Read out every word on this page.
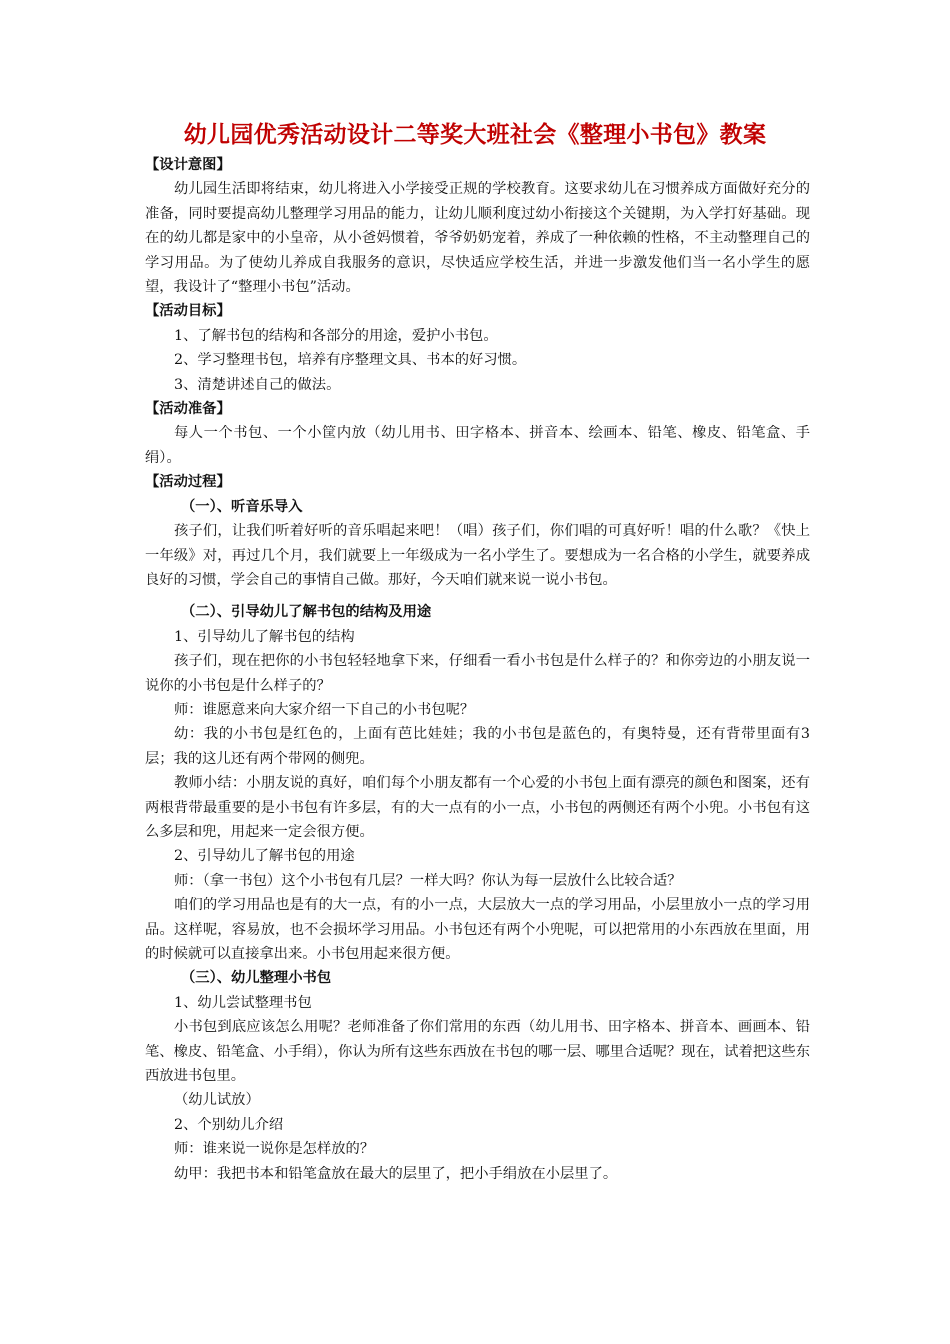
幼儿园优秀活动设计二等奖大班社会《整理小书包》教案
【设计意图】
幼儿园生活即将结束，幼儿将进入小学接受正规的学校教育。这要求幼儿在习惯养成方面做好充分的准备，同时要提高幼儿整理学习用品的能力，让幼儿顺利度过幼小衔接这个关键期，为入学打好基础。现在的幼儿都是家中的小皇帝，从小爸妈惯着，爷爷奶奶宠着，养成了一种依赖的性格，不主动整理自己的学习用品。为了使幼儿养成自我服务的意识，尽快适应学校生活，并进一步激发他们当一名小学生的愿望，我设计了“整理小书包”活动。
【活动目标】
1、了解书包的结构和各部分的用途，爱护小书包。
2、学习整理书包，培养有序整理文具、书本的好习惯。
3、清楚讲述自己的做法。
【活动准备】
每人一个书包、一个小筐内放（幼儿用书、田字格本、拼音本、绘画本、铅笔、橡皮、铅笔盒、手绢）。
【活动过程】
（一）、听音乐导入
孩子们，让我们听着好听的音乐唱起来吧！（唱）孩子们，你们唱的可真好听！唱的什么歌？《快上一年级》对，再过几个月，我们就要上一年级成为一名小学生了。要想成为一名合格的小学生，就要养成良好的习惯，学会自己的事情自己做。那好，今天咱们就来说一说小书包。
（二）、引导幼儿了解书包的结构及用途
1、引导幼儿了解书包的结构
孩子们，现在把你的小书包轻轻地拿下来，仔细看一看小书包是什么样子的？和你旁边的小朋友说一说你的小书包是什么样子的？
师：谁愿意来向大家介绍一下自己的小书包呢？
幼：我的小书包是红色的，上面有芭比娃娃；我的小书包是蓝色的，有奥特曼，还有背带里面有3层；我的这儿还有两个带网的侧兜。
教师小结：小朋友说的真好，咱们每个小朋友都有一个心爱的小书包上面有漂亮的颜色和图案，还有两根背带最重要的是小书包有许多层，有的大一点有的小一点，小书包的两侧还有两个小兜。小书包有这么多层和兜，用起来一定会很方便。
2、引导幼儿了解书包的用途
师：（拿一书包）这个小书包有几层？一样大吗？你认为每一层放什么比较合适？
咱们的学习用品也是有的大一点，有的小一点，大层放大一点的学习用品，小层里放小一点的学习用品。这样呢，容易放，也不会损坏学习用品。小书包还有两个小兜呢，可以把常用的小东西放在里面，用的时候就可以直接拿出来。小书包用起来很方便。
（三）、幼儿整理小书包
1、幼儿尝试整理书包
小书包到底应该怎么用呢？老师准备了你们常用的东西（幼儿用书、田字格本、拼音本、画画本、铅笔、橡皮、铅笔盒、小手绢），你认为所有这些东西放在书包的哪一层、哪里合适呢？现在，试着把这些东西放进书包里。
（幼儿试放）
2、个别幼儿介绍
师：谁来说一说你是怎样放的？
幼甲：我把书本和铅笔盒放在最大的层里了，把小手绢放在小层里了。
